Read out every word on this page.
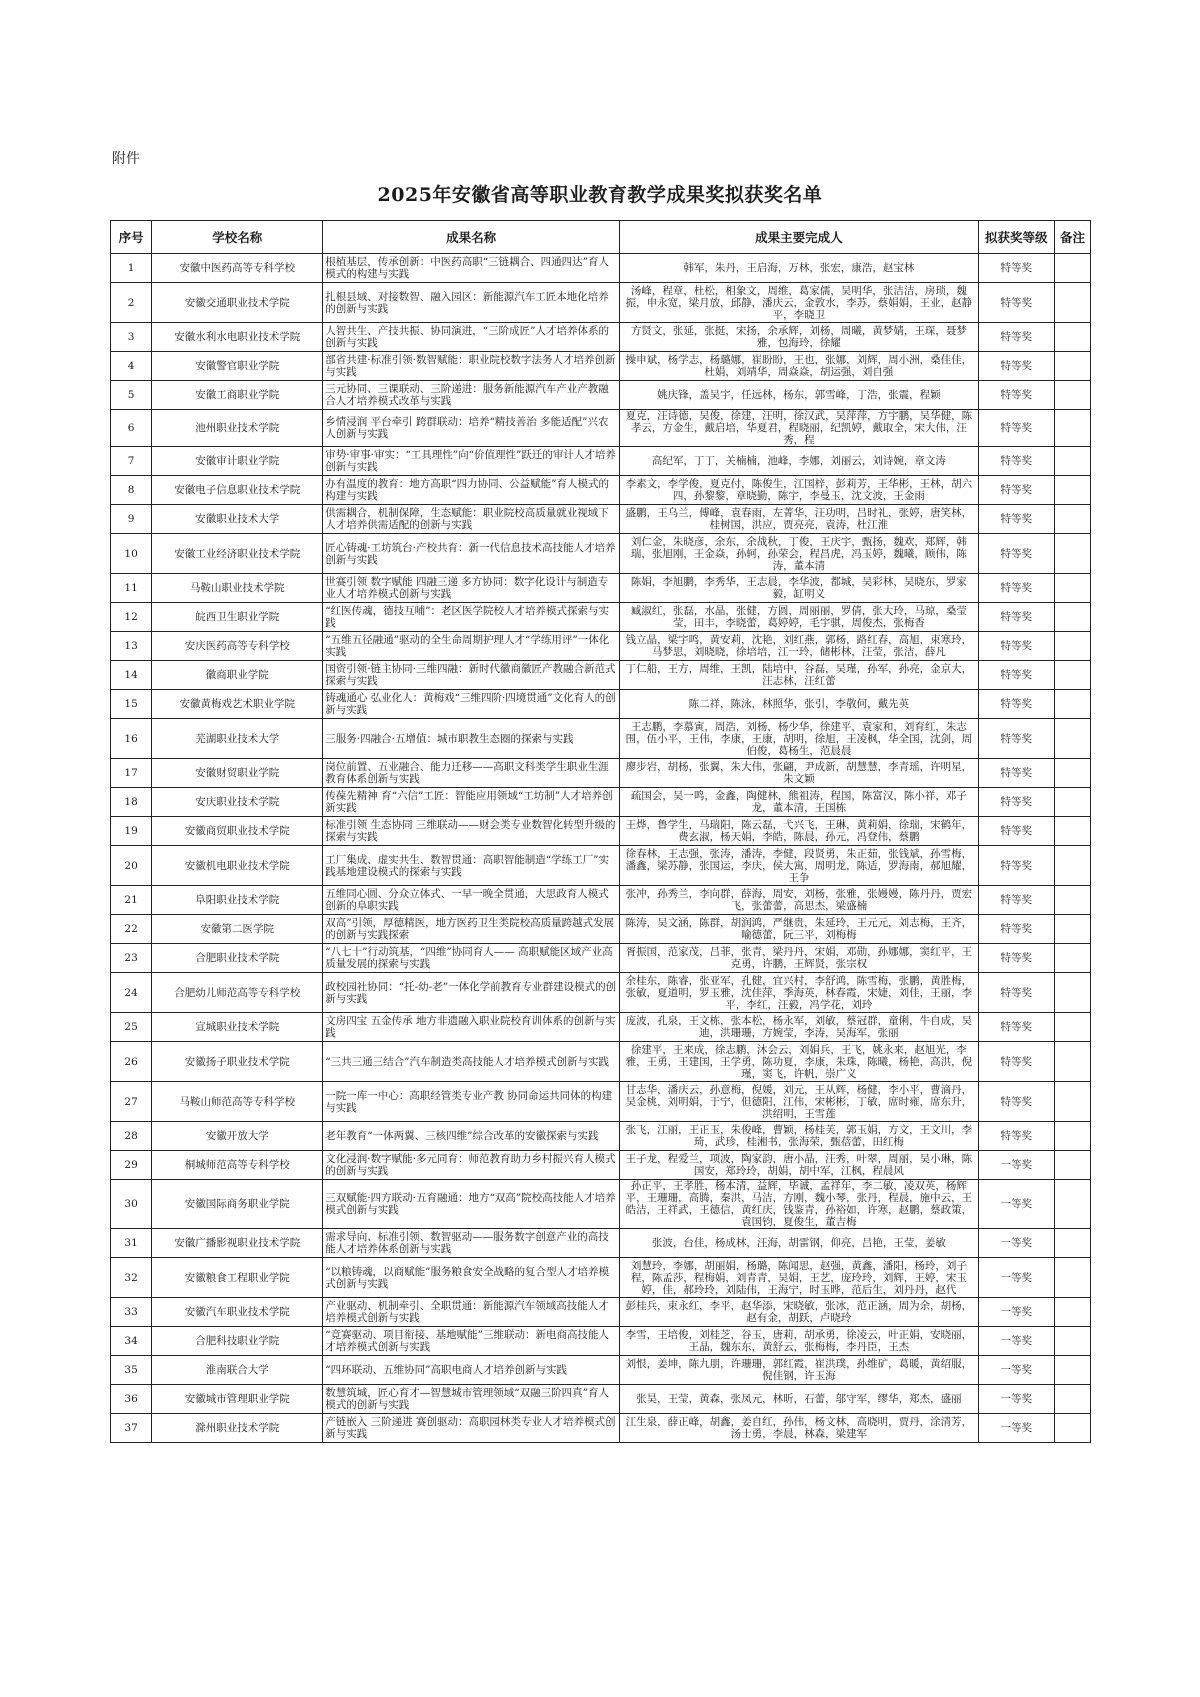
附件
2025年安徽省高等职业教育教学成果奖拟获奖名单
序号	学校名称	成果名称	成果主要完成人	拟获奖等级	备注
1	安徽中医药高等专科学校	根植基层，传承创新：中医药高职“三链耦合、四通四达”育人模式的构建与实践	韩军，朱丹，王启海，万林，张宏，康浩，赵宝林	特等奖	
2	安徽交通职业技术学院	扎根县域、对接数智、融入园区：新能源汽车工匠本地化培养的创新与实践	汤峰，程章，杜松，相象文，周维，葛家儒，吴明华，张洁洁，房琐，魏振，申永宽，梁月放，邱静，潘庆云，金敦水，李苏，蔡娟娟，王业，赵静平，李晓卫	特等奖	
3	安徽水利水电职业技术学院	人智共生、产技共振、协同演进，“三阶成匠”人才培养体系的创新与实践	方贤文，张延，张挺，宋扬，余承辉，刘杨，周曦，黄梦婧，王琛，聂梦雅，包海玲，徐耀	特等奖	
4	安徽警官职业学院	部省共建·标准引领·数智赋能：职业院校数字法务人才培养创新与实践	操申斌，杨学志，杨璐娜，崔盼盼，王也，张娜，刘辉，周小洲，桑佳佳，杜娟，刘靖华，周焱焱，胡运强，刘自强	特等奖	
5	安徽工商职业学院	三元协同、三课联动、三阶递进：服务新能源汽车产业产教融合人才培养模式改革与实践	姚庆锋，盖吴宇，任远林，杨东，郭雪峰，丁浩，张震，程颖	特等奖	
6	池州职业技术学院	乡情浸润 平台牵引 跨群联动：培养“精技善治 多能适配”兴农人创新与实践	夏克，汪诗德，吴俊，徐建，汪明，徐汉武，吴萍萍，方宇鹏，吴华健，陈孝云，方金生，戴启培，华夏君，程晓丽，纪凯婷，戴取全，宋大伟，汪秀，程	特等奖	
7	安徽审计职业学院	审势·审事·审实：“工具理性”向“价值理性”跃迁的审计人才培养创新与实践	高纪军，丁丁，关楠楠，池峰，李娜，刘丽云，刘诗婉，章文涛	特等奖	
8	安徽电子信息职业技术学院	办有温度的教育：地方高职“四力协同、公益赋能”育人模式的构建与实践	李素文，李学俊，夏克付，陈俊生，江国梓，彭莉芳，王华彬，王林，胡六四，孙黎黎，章晓勤，陈宇，李曼玉，沈文波，王金雨	特等奖	
9	安徽职业技术大学	供需耦合，机制保障，生态赋能：职业院校高质量就业视域下人才培养供需适配的创新与实践	盛鹏，王乌兰，傅峰，袁春雨，左菁华，汪功明，吕时礼，张婷，唐笑林，桂树国，洪应，贾亮亮，袁涛，杜江淮	特等奖	
10	安徽工业经济职业技术学院	匠心铸魂·工坊筑台·产校共育：新一代信息技术高技能人才培养创新与实践	刘仁金，朱晓彦，余东，余战秋，丁俊，王庆宇，甄扬，魏欢，郑辉，韩瑞，张旭刚，王金焱，孙轲，孙荣会，程昌虎，冯玉婷，魏曦，顾伟，陈涛，董本清	特等奖	
11	马鞍山职业技术学院	世赛引领 数字赋能 四融三递 多方协同：数字化设计与制造专业人才培养模式创新与实践	陈娟，李旭鹏，李秀华，王志晨，李华波，都城，吴彩林，吴晓东，罗家毅，缸明义	特等奖	
12	皖西卫生职业学院	“红医传魂，德技互哺”：老区医学院校人才培养模式探索与实践	臧淑红，张磊，水晶，张健，方圆，周丽丽，罗倩，张大玲，马琼，桑莹莹，田丰，李晓蕾，葛婷婷，毛宇骐，周俊杰，张梅香	特等奖	
13	安庆医药高等专科学校	“五维五径融通”驱动的全生命周期护理人才“学练用评”一体化实践	钱立晶，梁宇鸣，黄安莉，沈艳，刘红燕，郭杨，路红春，高旭，束寒玲，马梦思，刘晓晓，徐培培，江一玲，储彬林，汪莹，张洁，薛凡	特等奖	
14	徽商职业学院	国资引领·链主协同·三维四融：新时代徽商徽匠产教融合新范式探索与实践	丁仁船，王方，周维，王凯，陆培中，谷磊，吴瑾，孙军，孙亮，金京大，汪志林，汪红蕾	特等奖	
15	安徽黄梅戏艺术职业学院	铸魂通心 弘业化人：黄梅戏“三维四阶·四境贯通”文化育人的创新与实践	陈二祥，陈泳，林照华，张引，李敬何，戴先英	特等奖	
16	芜湖职业技术大学	三服务·四融合·五增值：城市职教生态圈的探索与实践	王志鹏，李慕寅，周浩，刘杨，杨少华，徐建平，袁家和，刘育红，朱志围，伍小平，王伟，李康，王康，胡明，徐旭，王凌枫，华全国，沈剑，周伯俊，葛杨生，范晨晨	特等奖	
17	安徽财贸职业学院	岗位前置、五业融合、能力迁移——高职文科类学生职业生涯教育体系创新与实践	廖步岩，胡杨，张翼，朱大伟，张翩，尹成新，胡慧慧，李青瑶，许明星，朱文颖	特等奖	
18	安庆职业技术学院	传葆先精神 育“六信”工匠：智能应用领域“工坊制”人才培养创新实践	疏国会，吴一鸣，金鑫，陶健林，熊祖涛，程国，陈富汉，陈小祥，邓子龙，董本清，王国栋	特等奖	
19	安徽商贸职业技术学院	标准引领 生态协同 三维联动——财会类专业数智化转型升级的探索与实践	王烨，鲁学生，马瑞阳，陈云磊，弋兴飞，王琳，黄莉娟，徐瑞，宋鹤年，费玄淑，杨天娟，李皓，陈晨，孙元，冯登伟，蔡鹏	特等奖	
20	安徽机电职业技术学院	工厂集成、虚实共生、数智贯通：高职智能制造“学练工厂”实践基地建设模式的探索与实践	徐春林，王志强，张涛，潘涛，李健，段贤勇，朱正茹，张钱斌，孙雪梅，潘鑫，梁苏静，张国运，李庆，侯大寓，周明龙，陈适，罗海南，郝旭耀，王争	特等奖	
21	阜阳职业技术学院	五维同心圆、分众立体式、一早一晚全贯通，大思政育人模式创新的阜职实践	张冲，孙秀兰，李向群，薛海，周安，刘杨，张雅，张嫚嫚，陈丹丹，贾宏飞，张蕾蕾，高思杰，梁盛楠	特等奖	
22	安徽第二医学院	双高”引领，厚德精医，地方医药卫生类院校高质量跨越式发展的创新与实践探索	陈涛，吴文涵，陈群，胡润鸿，严继贵，朱延玲，王元元，刘志梅，王齐，喻德蕾，阮三平，刘梅梅	特等奖	
23	合肥职业技术学院	“八七十”行动筑基，“四维”协同育人—— 高职赋能区域产业高质量发展的探索与实践	胥振国，范家茂，吕菲，张青，梁丹丹，宋娟，邓勋，孙娜娜，窦红平，王克勇，许鹏，王辉贤，张宗权	特等奖	
24	合肥幼儿师范高等专科学校	政校园社协同：“托-幼-老”一体化学前教育专业群建设模式的创新与实践	余桂东，陈睿，张亚军，孔健，宜兴村，李舒鸿，陈雪梅，张鹏，黄胜梅，张敏，夏道明，罗玉雅，沈佳萍，季海英，林春霞，宋婕，刘佳，王丽，李平，李红，汪毅，冯学花，刘玲	特等奖	
25	宣城职业技术学院	文房四宝 五金传承 地方非遗融入职业院校育训体系的创新与实践	庞波，孔泉，王文栋，张本松，杨永军，刘敏，蔡冠群，童俐，牛自成，吴迪，洪珊珊，方婉莹，李涛，吴海军，张丽	特等奖	
26	安徽扬子职业技术学院	“三共三通三结合”汽车制造类高技能人才培养模式创新与实践	徐建平，王来成，徐志鹏，沐会云，刘娟兵，王飞，姚永来，赵旭光，李雅，王勇，王建国，王学勇，陈功夏，李康，朱珠，陈曦，杨艳，高洪，倪瑾，窦飞，许帆，崇广义	特等奖	
27	马鞍山师范高等专科学校	一院一库一中心：高职经管类专业产教 协同命运共同体的构建与实践	甘志华，潘庆云，孙意梅，倪媛，刘元，王从辉，杨健，李小平，曹滴丹，吴金桃，刘明娟，于宁，但德阳，江伟，宋彬彬，丁敏，席时雍，席东升，洪绍明，王雪莲	特等奖	
28	安徽开放大学	老年教育“一体两翼、三核四维”综合改革的安徽探索与实践	张飞，江丽，王正玉，朱俊峰，曹颖，杨桂芙，郭玉娟，方文，王文川，李琦，武珍，桂湘书，张海荣，甄蓓蕾，田红梅	特等奖	
29	桐城师范高等专科学校	文化浸润·数字赋能·多元同育：师范教育助力乡村振兴育人模式的创新与实践	王子龙，程爱兰，项波，陶家韵，唐小晶，汪秀，叶翠，周丽，吴小琳，陈国安，郑玲玲，胡娟，胡中军，江枫，程晨风	一等奖	
30	安徽国际商务职业学院	三双赋能·四方联动·五育融通：地方“双高”院校高技能人才培养模式创新与实践	孙正平，王孝胜，杨本清，益辉，毕诚，孟祥年，李二敏，凌双英，杨辉平，王珊珊，高腾，秦洪，马洁，方刚，魏小琴，张丹，程晨，施中云，王皓洁，王祥武，王德信，黄红庆，钱鉴青，孙裕如，许寒，赵鹏，蔡政策，袁国钧，夏俊生，董吉梅	一等奖	
31	安徽广播影视职业技术学院	需求导向、标准引领、数智驱动——服务数字创意产业的高技能人才培养体系创新与实践	张波，台佳，杨成林，汪海，胡雷钢，仰亮，吕艳，王莹，姜敏	一等奖	
32	安徽粮食工程职业学院	“以粮铸魂，以商赋能”服务粮食安全战略的复合型人才培养模式创新与实践	刘慧玲，李娜，胡丽娟，杨璐，陈闻思，赵强，黄鑫，潘阳，杨玲，刘子程，陈孟莎，程梅娟，刘青青，吴娟，王艺，庞玲玲，刘辉，王婷，宋玉婷，佳，郝玲玲，刘陆伟，王海宁，时玉晔，范后生，刘丹丹，赵代	一等奖	
33	安徽汽车职业技术学院	产业驱动、机制牵引、全职贯通：新能源汽车领域高技能人才培养模式创新与实践	彭桂兵，束永红，李平，赵华添，宋晓敏，张冰，范正涵，周为余，胡杨，赵有金，胡跃，卢晓玲	一等奖	
34	合肥科技职业学院	“竞赛驱动、项目衔接、基地赋能”三维联动：新电商高技能人才培养模式创新与实践	李雪，王培俊，刘桂芝，谷玉，唐莉，胡承勇，徐凌云，叶正娟，安晓丽，王晶，魏东东，黄舒云，张梅梅，李丹臣，王杰	一等奖	
35	淮南联合大学	“四环联动、五维协同”高职电商人才培养创新与实践	刘恨，姜坤，陈九朋，许珊珊，郭红霞，崔洪璞，孙维矿，葛暖，黄绍服，倪佳钢，许玉海	一等奖	
36	安徽城市管理职业学院	数慧筑城，匠心育才—智慧城市管理领域“双融三阶四真”育人模式的创新与实践	张昊，王莹，黄森，张凤元，林昕，石蕾，邬守军，缪华，郑杰，盛丽	一等奖	
37	滁州职业技术学院	产链嵌入 三阶递进 赛创驱动：高职园林类专业人才培养模式创新与实践	江生泉，薛正峰，胡鑫，姜自红，孙伟，杨文林，高晓明，贾丹，涂清芳，汤士勇，李晨，林森，梁建军	一等奖	
